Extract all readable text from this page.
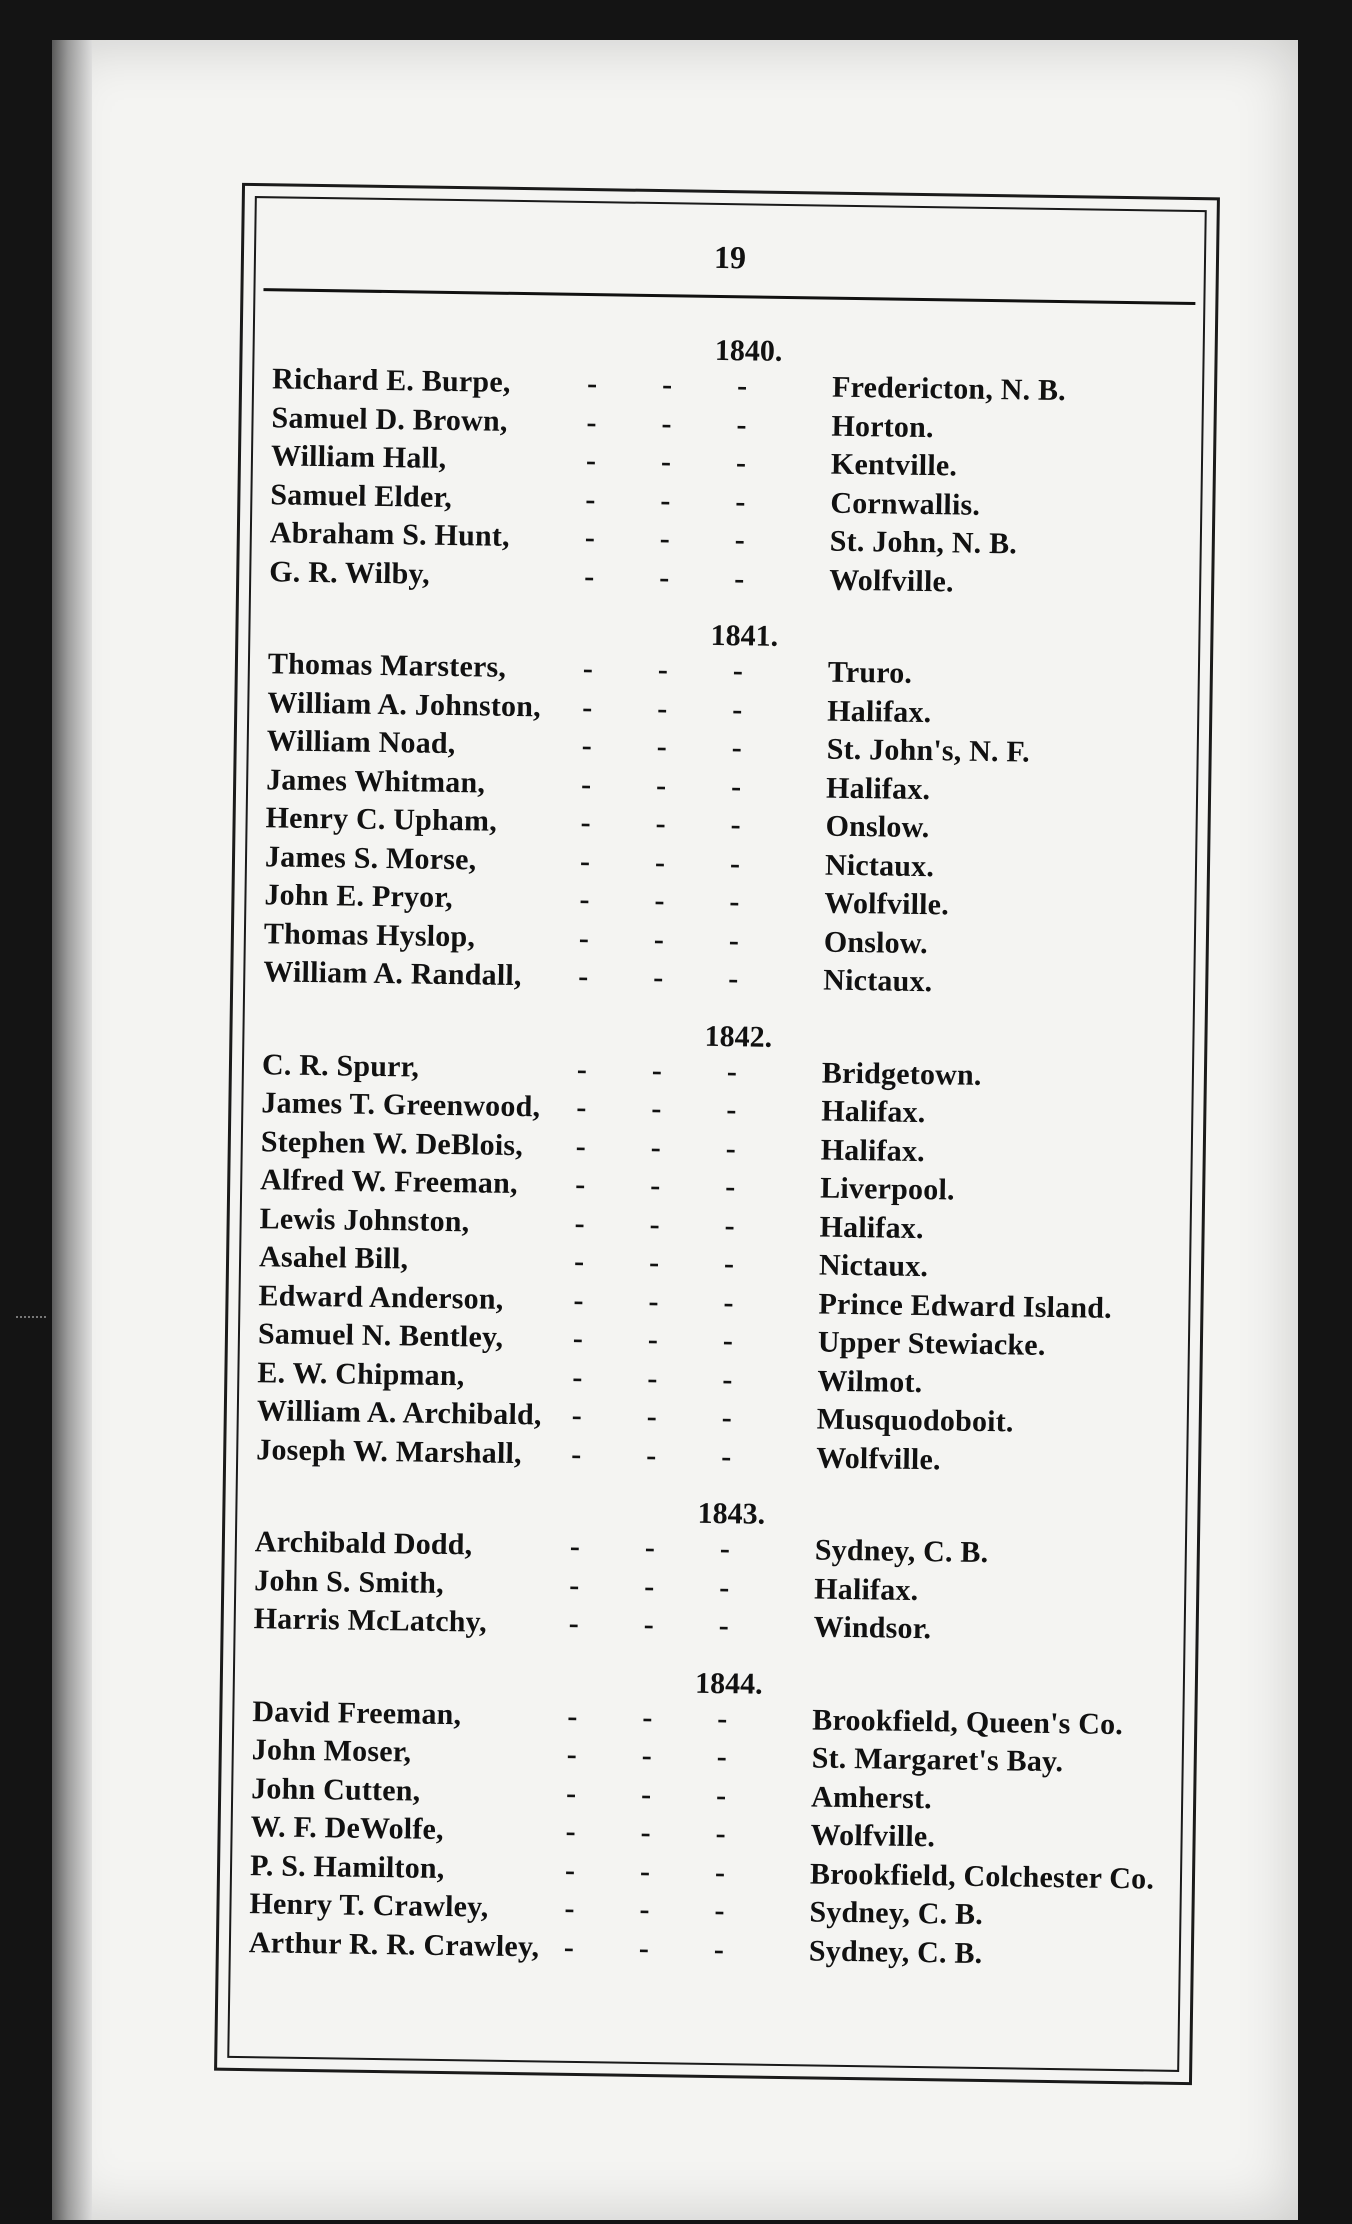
19
1840.
Richard E. Burpe,	- - -	Fredericton, N. B.
Samuel D. Brown,	- - -	Horton.
William Hall,	- - -	Kentville.
Samuel Elder,	- - -	Cornwallis.
Abraham S. Hunt, - - -	St. John, N. B.
G. R. Wilby,	- - -	Wolfville.
1841.
Thomas Marsters,	- - -	Truro.
William A. Johnston, - - -	Halifax.
William Noad,	- - -	St. John's, N. F.
James Whitman,	- - -	Halifax.
Henry C. Upham,	- - -	Onslow.
James S. Morse,	- - -	Nictaux.
John E. Pryor,	- - -	Wolfville.
Thomas Hyslop,	- - -	Onslow.
William A. Randall, - - -	Nictaux.
1842.
C. R. Spurr,	- - -	Bridgetown.
James T. Greenwood, - - -	Halifax.
Stephen W. DeBlois, - - -	Halifax.
Alfred W. Freeman, - - -	Liverpool.
Lewis Johnston,	- - -	Halifax.
Asahel Bill,	- - -	Nictaux.
Edward Anderson, - - -	Prince Edward Island.
Samuel N. Bentley, - - -	Upper Stewiacke.
E. W. Chipman,	- - -	Wilmot.
William A. Archibald, - - -	Musquodoboit.
Joseph W. Marshall, - - -	Wolfville.
1843.
Archibald Dodd,	- - -	Sydney, C. B.
John S. Smith,	- - -	Halifax.
Harris McLatchy,	- - -	Windsor.
1844.
David Freeman,	- - -	Brookfield, Queen's Co.
John Moser,	- - -	St. Margaret's Bay.
John Cutten,	- - -	Amherst.
W. F. DeWolfe,	- - -	Wolfville.
P. S. Hamilton,	- - -	Brookfield, Colchester Co.
Henry T. Crawley,	- - -	Sydney, C. B.
Arthur R. R. Crawley, - - -	Sydney, C. B.
